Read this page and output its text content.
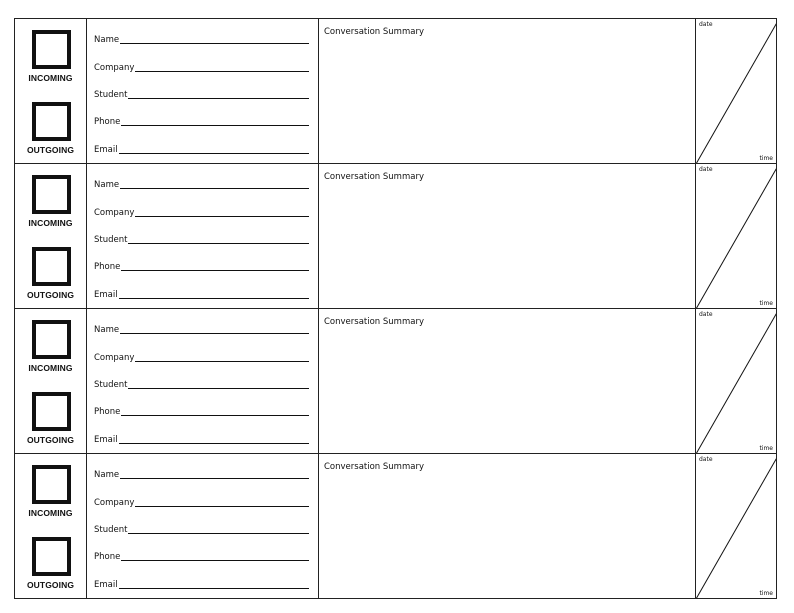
INCOMING
OUTGOING
Name
Company
Student
Phone
Email
Conversation Summary
date
time
INCOMING
OUTGOING
Name
Company
Student
Phone
Email
Conversation Summary
date
time
INCOMING
OUTGOING
Name
Company
Student
Phone
Email
Conversation Summary
date
time
INCOMING
OUTGOING
Name
Company
Student
Phone
Email
Conversation Summary
date
time
